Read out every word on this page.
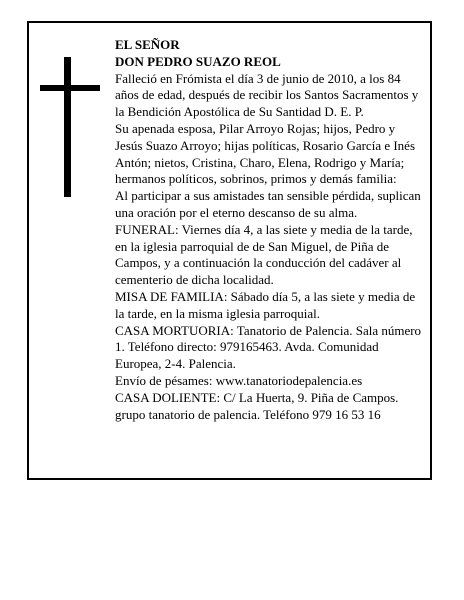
EL SEÑOR

DON PEDRO SUAZO REOL

Falleció en Frómista el día 3 de junio de 2010, a los 84 años de edad, después de recibir los Santos Sacramentos y la Bendición Apostólica de Su Santidad D. E. P.

Su apenada esposa, Pilar Arroyo Rojas; hijos, Pedro y Jesús Suazo Arroyo; hijas políticas, Rosario García e Inés Antón; nietos, Cristina, Charo, Elena, Rodrigo y María; hermanos políticos, sobrinos, primos y demás familia:

Al participar a sus amistades tan sensible pérdida, suplican una oración por el eterno descanso de su alma.

FUNERAL: Viernes día 4, a las siete y media de la tarde, en la iglesia parroquial de de San Miguel, de Piña de Campos, y a continuación la conducción del cadáver al cementerio de dicha localidad.

MISA DE FAMILIA: Sábado día 5, a las siete y media de la tarde, en la misma iglesia parroquial.

CASA MORTUORIA: Tanatorio de Palencia. Sala número 1. Teléfono directo: 979165463. Avda. Comunidad Europea, 2-4. Palencia.

Envío de pésames: www.tanatoriodepalencia.es

CASA DOLIENTE: C/ La Huerta, 9. Piña de Campos.

grupo tanatorio de palencia. Teléfono 979 16 53 16
